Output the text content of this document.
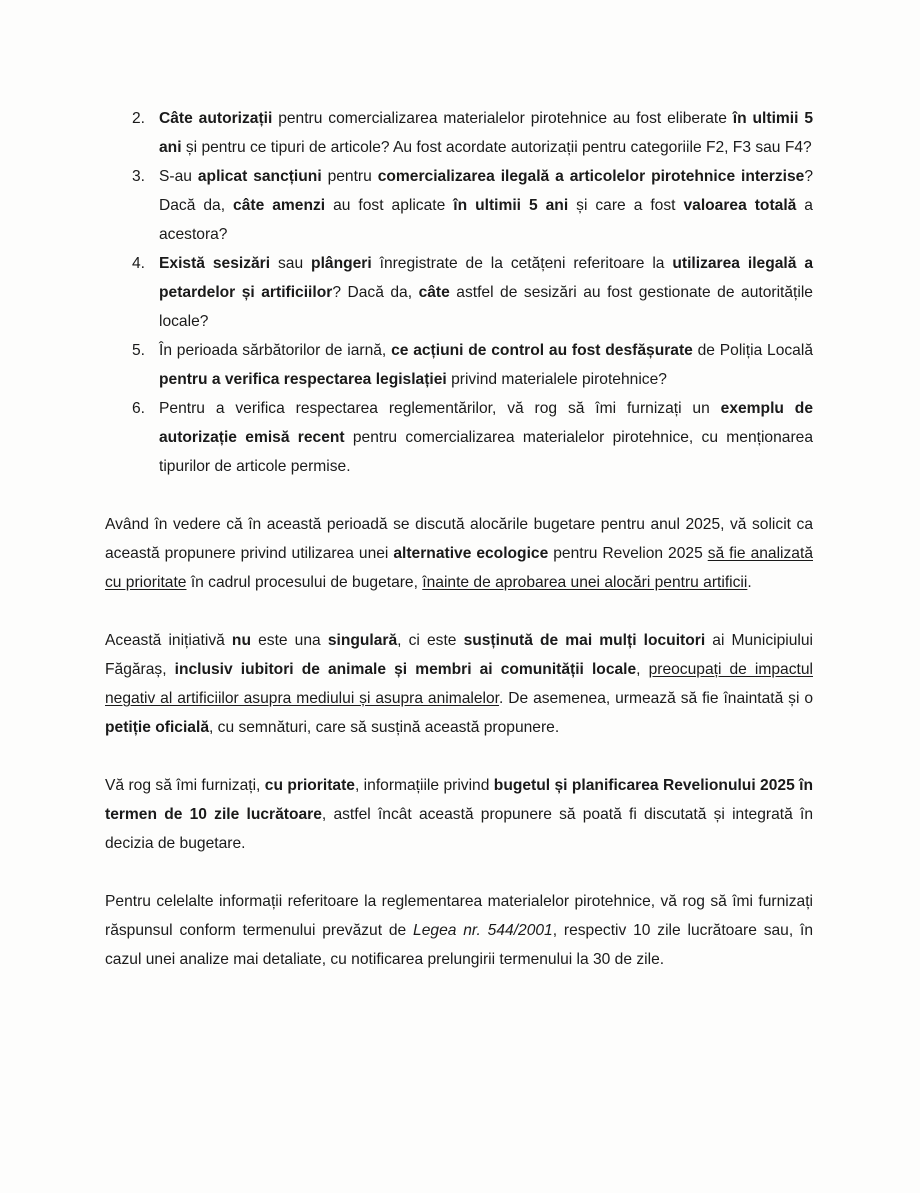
2. Câte autorizații pentru comercializarea materialelor pirotehnice au fost eliberate în ultimii 5 ani și pentru ce tipuri de articole? Au fost acordate autorizații pentru categoriile F2, F3 sau F4?
3. S-au aplicat sancțiuni pentru comercializarea ilegală a articolelor pirotehnice interzise? Dacă da, câte amenzi au fost aplicate în ultimii 5 ani și care a fost valoarea totală a acestora?
4. Există sesizări sau plângeri înregistrate de la cetățeni referitoare la utilizarea ilegală a petardelor și artificiilor? Dacă da, câte astfel de sesizări au fost gestionate de autoritățile locale?
5. În perioada sărbătorilor de iarnă, ce acțiuni de control au fost desfășurate de Poliția Locală pentru a verifica respectarea legislației privind materialele pirotehnice?
6. Pentru a verifica respectarea reglementărilor, vă rog să îmi furnizați un exemplu de autorizație emisă recent pentru comercializarea materialelor pirotehnice, cu menționarea tipurilor de articole permise.

Având în vedere că în această perioadă se discută alocările bugetare pentru anul 2025, vă solicit ca această propunere privind utilizarea unei alternative ecologice pentru Revelion 2025 să fie analizată cu prioritate în cadrul procesului de bugetare, înainte de aprobarea unei alocări pentru artificii.

Această inițiativă nu este una singulară, ci este susținută de mai mulți locuitori ai Municipiului Făgăraș, inclusiv iubitori de animale și membri ai comunității locale, preocupați de impactul negativ al artificiilor asupra mediului și asupra animalelor. De asemenea, urmează să fie înaintată și o petiție oficială, cu semnături, care să susțină această propunere.

Vă rog să îmi furnizați, cu prioritate, informațiile privind bugetul și planificarea Revelionului 2025 în termen de 10 zile lucrătoare, astfel încât această propunere să poată fi discutată și integrată în decizia de bugetare.

Pentru celelalte informații referitoare la reglementarea materialelor pirotehnice, vă rog să îmi furnizați răspunsul conform termenului prevăzut de Legea nr. 544/2001, respectiv 10 zile lucrătoare sau, în cazul unei analize mai detaliate, cu notificarea prelungirii termenului la 30 de zile.
